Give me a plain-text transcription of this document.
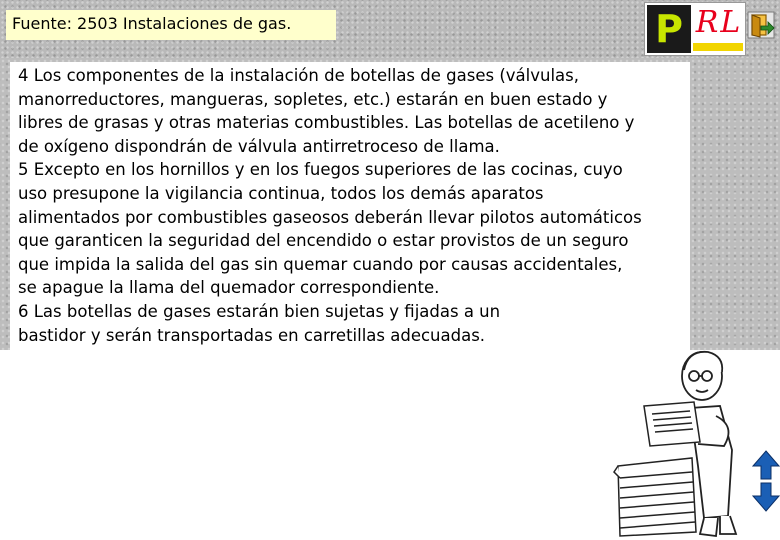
Fuente: 2503 Instalaciones de gas.	P RL
4 Los componentes de la instalación de botellas de gases (válvulas,
manorreductores, mangueras, sopletes, etc.) estarán en buen estado y
libres de grasas y otras materias combustibles. Las botellas de acetileno y
de oxígeno dispondrán de válvula antirretroceso de llama.
5 Excepto en los hornillos y en los fuegos superiores de las cocinas, cuyo
uso presupone la vigilancia continua, todos los demás aparatos
alimentados por combustibles gaseosos deberán llevar pilotos automáticos
que garanticen la seguridad del encendido o estar provistos de un seguro
que impida la salida del gas sin quemar cuando por causas accidentales,
se apague la llama del quemador correspondiente.
6 Las botellas de gases estarán bien sujetas y fijadas a un
bastidor y serán transportadas en carretillas adecuadas.
